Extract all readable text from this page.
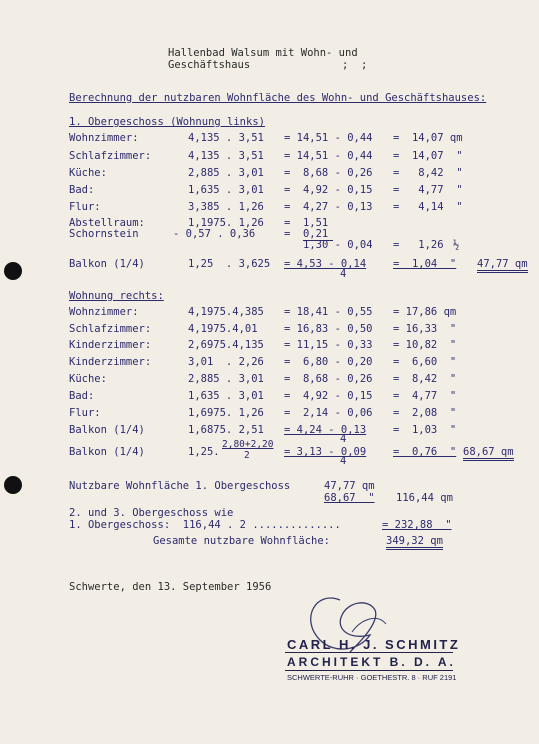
Hallenbad Walsum mit Wohn- und
Geschäftshaus	;  ;
Berechnung der nutzbaren Wohnfläche des Wohn- und Geschäftshauses:
1. Obergeschoss (Wohnung links)
Wohnzimmer:	4,135 . 3,51 = 14,51 - 0,44 =  14,07 qm
Schlafzimmer:	4,135 . 3,51 = 14,51 - 0,44 =  14,07  "
Küche:	2,885 . 3,01 =  8,68 - 0,26 =   8,42  "
Bad:	1,635 . 3,01 =  4,92 - 0,15 =   4,77  "
Flur:	3,385 . 1,26 =  4,27 - 0,13 =   4,14  "
Abstellraum:	1,1975. 1,26 =  1,51
Schornstein	- 0,57 . 0,36	=  0,21
1,30 - 0,04 =   1,26 ½
Balkon (1/4)	1,25  . 3,625 = 4,53 - 0,14
4
=  1,04  " 47,77 qm
Wohnung rechts:
Wohnzimmer:	4,1975.4,385 = 18,41 - 0,55 = 17,86 qm
Schlafzimmer:	4,1975.4,01	= 16,83 - 0,50 = 16,33  "
Kinderzimmer:	2,6975.4,135 = 11,15 - 0,33 = 10,82  "
Kinderzimmer:	3,01  . 2,26 =  6,80 - 0,20 =  6,60  "
Küche:	2,885 . 3,01 =  8,68 - 0,26 =  8,42  "
Bad:	1,635 . 3,01 =  4,92 - 0,15 =  4,77  "
Flur:	1,6975. 1,26 =  2,14 - 0,06 =  2,08  "
Balkon (1/4)	1,6875. 2,51 = 4,24 - 0,13
4
=  1,03  "
Balkon (1/4)	1,25.
2,80+2,20
2	= 3,13 - 0,09
4
=  0,76  " 68,67 qm
Nutzbare Wohnfläche 1. Obergeschoss	47,77 qm
68,67  " 116,44 qm
2. und 3. Obergeschoss wie
1. Obergeschoss:  116,44 . 2 ..............	= 232,88  "
Gesamte nutzbare Wohnfläche:	349,32 qm
Schwerte, den 13. September 1956
CARL H. J. SCHMITZ
ARCHITEKT B. D. A.
SCHWERTE-RUHR · GOETHESTR. 8 · RUF 2191
